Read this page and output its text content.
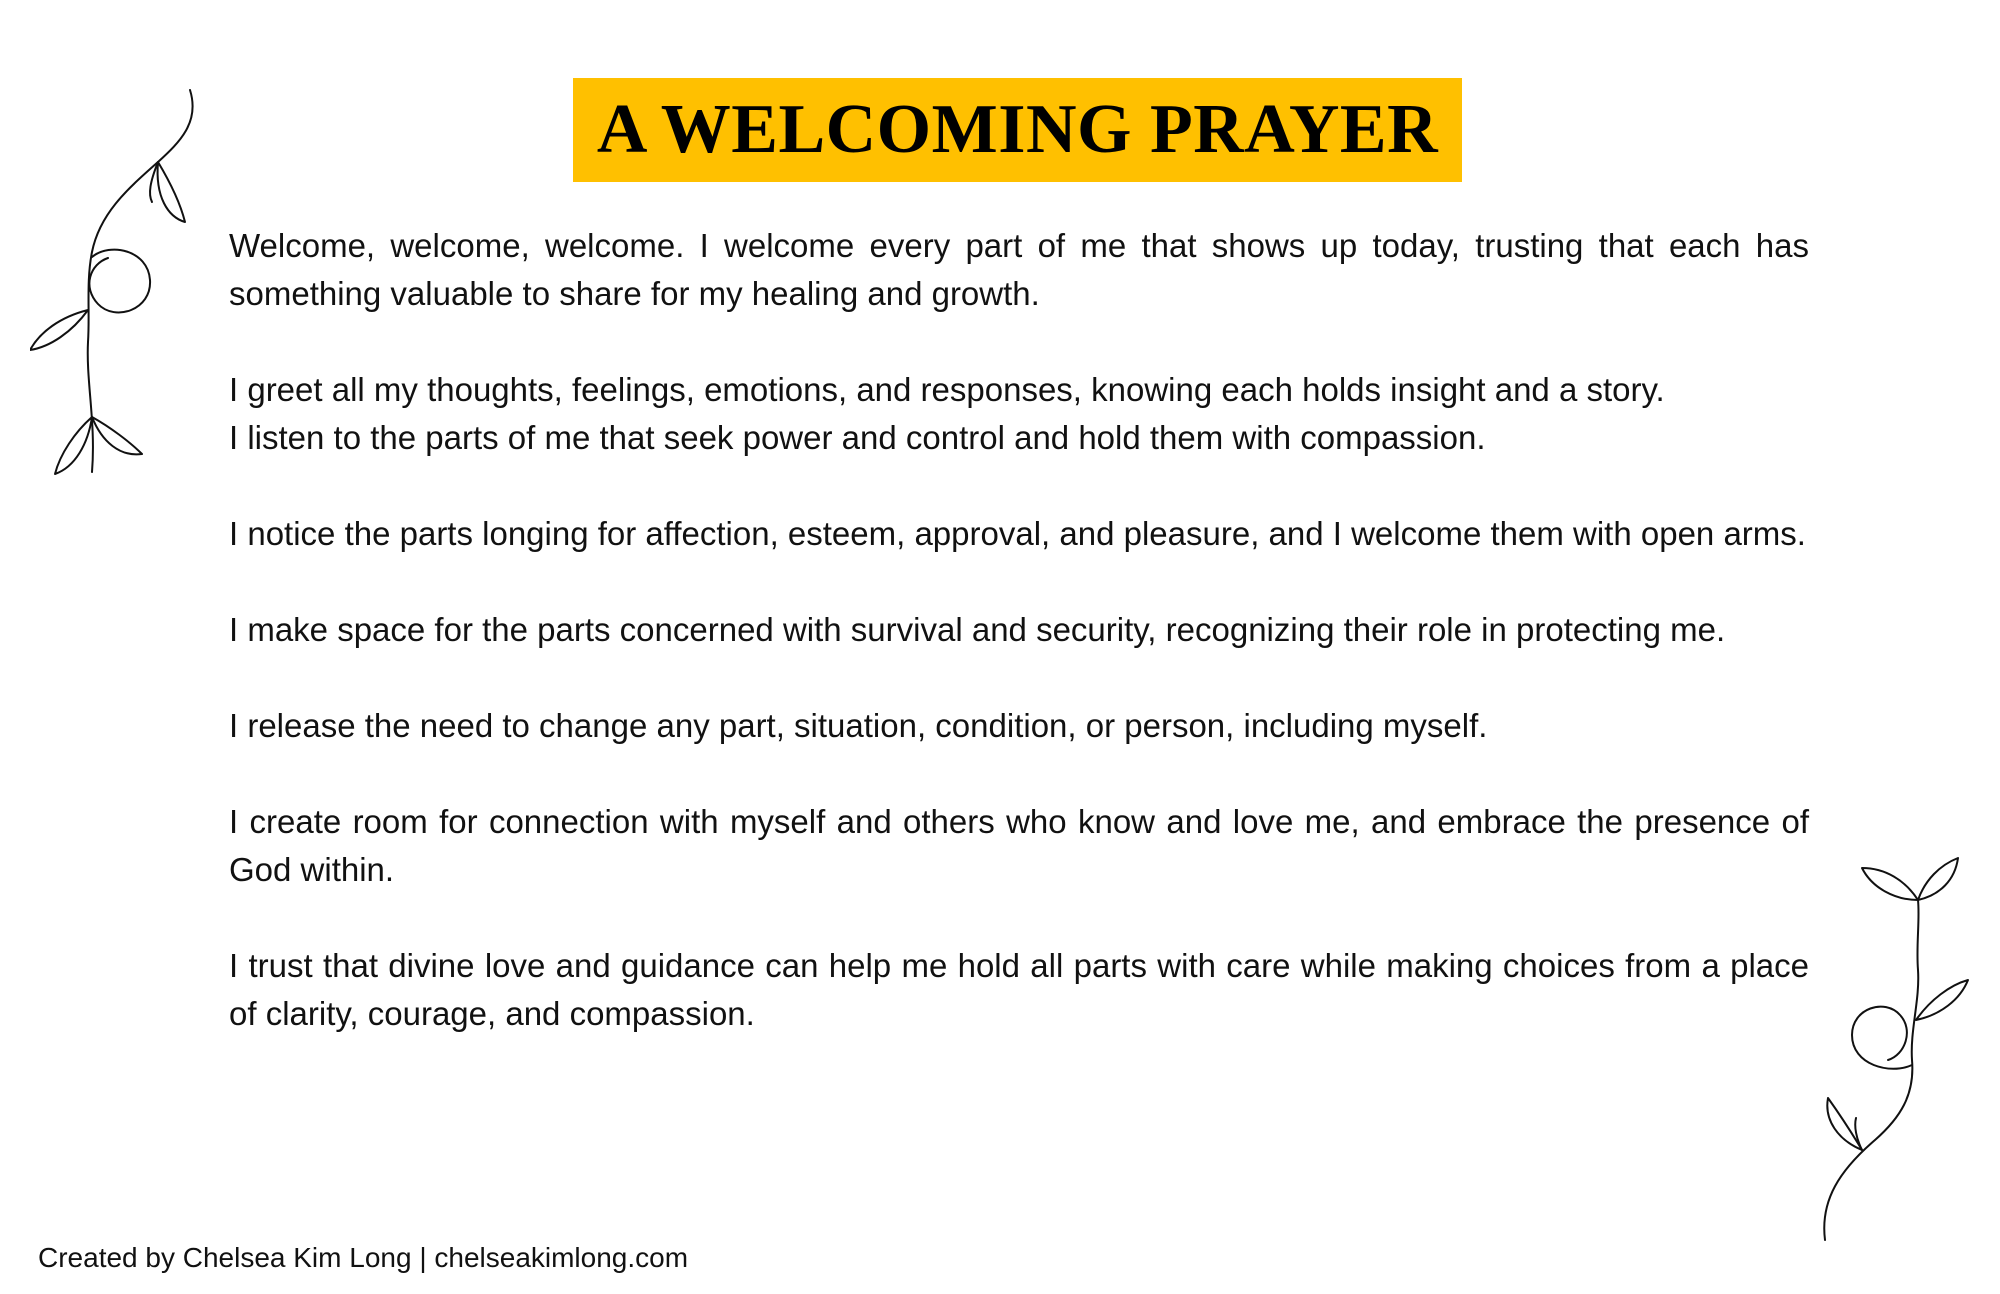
A WELCOMING PRAYER

Welcome, welcome, welcome. I welcome every part of me that shows up today, trusting that each has something valuable to share for my healing and growth.

I greet all my thoughts, feelings, emotions, and responses, knowing each holds insight and a story.
I listen to the parts of me that seek power and control and hold them with compassion.

I notice the parts longing for affection, esteem, approval, and pleasure, and I welcome them with open arms.

I make space for the parts concerned with survival and security, recognizing their role in protecting me.

I release the need to change any part, situation, condition, or person, including myself.

I create room for connection with myself and others who know and love me, and embrace the presence of God within.

I trust that divine love and guidance can help me hold all parts with care while making choices from a place of clarity, courage, and compassion.

Created by Chelsea Kim Long | chelseakimlong.com
